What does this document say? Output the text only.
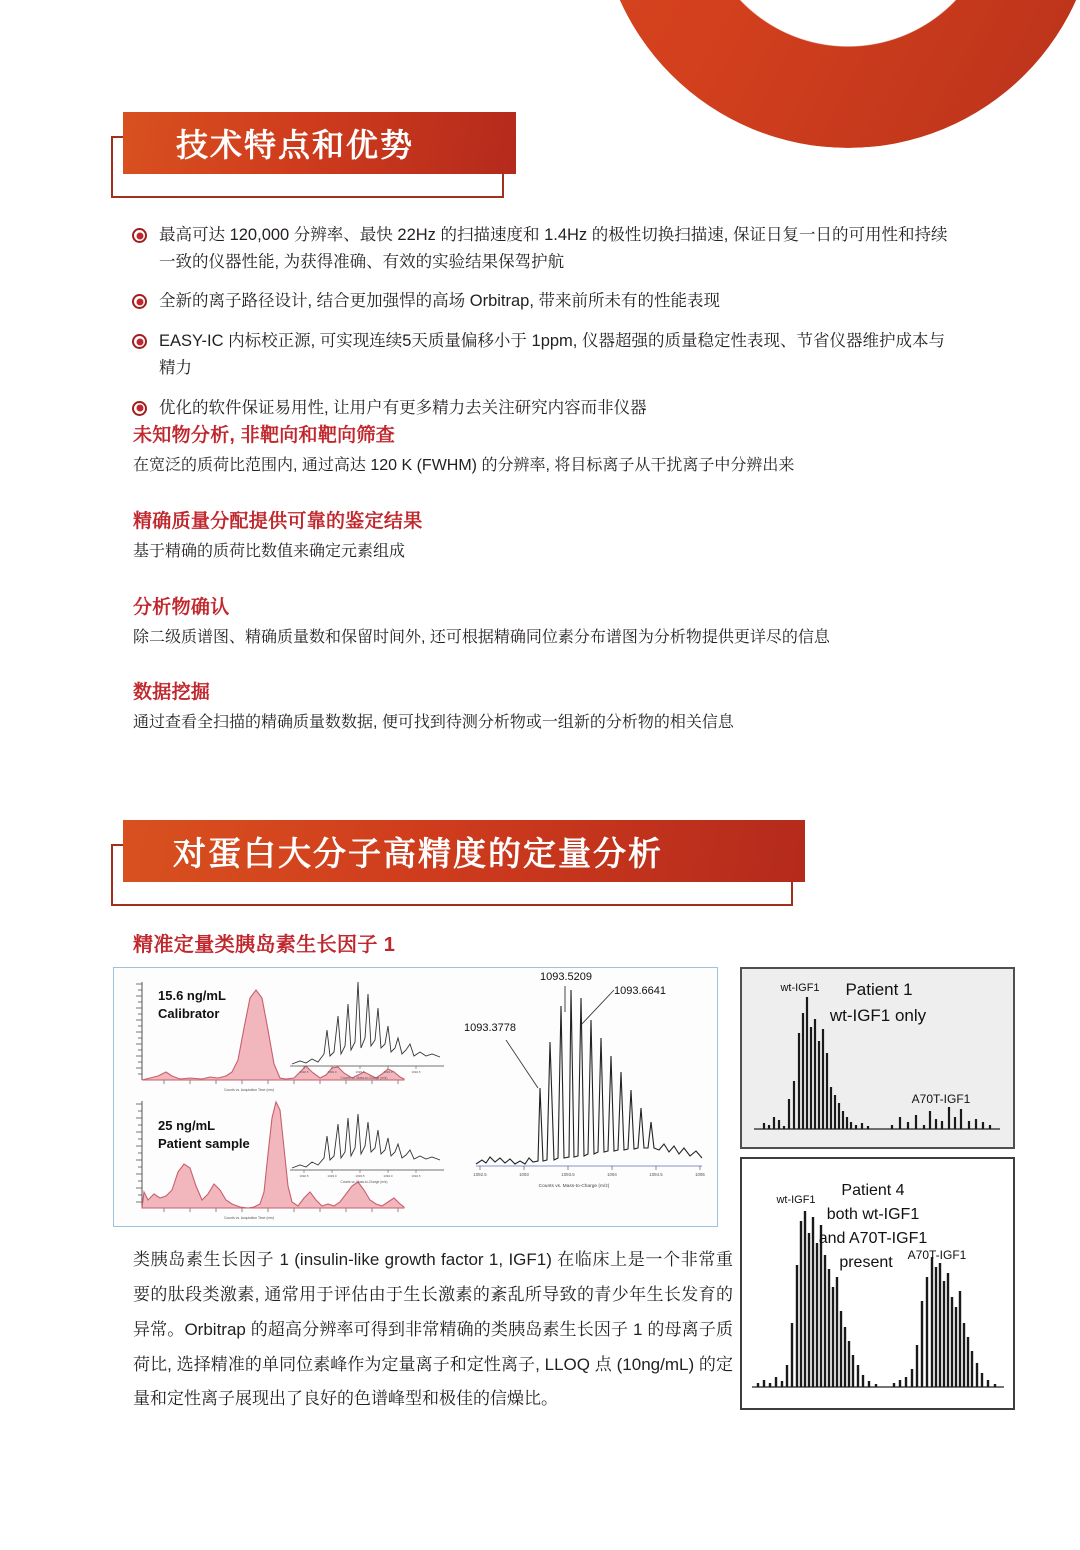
技术特点和优势
最高可达 120,000 分辨率、最快 22Hz 的扫描速度和 1.4Hz 的极性切换扫描速, 保证日复一日的可用性和持续一致的仪器性能, 为获得准确、有效的实验结果保驾护航
全新的离子路径设计, 结合更加强悍的高场 Orbitrap, 带来前所未有的性能表现
EASY-IC 内标校正源, 可实现连续5天质量偏移小于 1ppm, 仪器超强的质量稳定性表现、节省仪器维护成本与精力
优化的软件保证易用性, 让用户有更多精力去关注研究内容而非仪器
未知物分析, 非靶向和靶向筛查
在宽泛的质荷比范围内, 通过高达 120 K (FWHM) 的分辨率, 将目标离子从干扰离子中分辨出来
精确质量分配提供可靠的鉴定结果
基于精确的质荷比数值来确定元素组成
分析物确认
除二级质谱图、精确质量数和保留时间外, 还可根据精确同位素分布谱图为分析物提供更详尽的信息
数据挖掘
通过查看全扫描的精确质量数数据, 便可找到待测分析物或一组新的分析物的相关信息
对蛋白大分子高精度的定量分析
精准定量类胰岛素生长因子 1
15.6 ng/mL
Calibrator
Counts vs. Acquisition Time (min)
1092.5	1093.0	1093.5	1094.0	1094.5
Counts vs. Mass-to-Charge (m/z)
25 ng/mL
Patient sample
Counts vs. Acquisition Time (min)
1092.5	1093.0	1093.5	1094.0	1094.5
Counts vs. Mass-to-Charge (m/z)
1092.5	1093	1093.5	1094	1094.5	1095
Counts vs. Mass-to-Charge (m/z)
1093.3778
1093.5209
1093.6641	wt-IGF1 Patient 1
wt-IGF1 only
A70T-IGF1
wt-IGF1
Patient 4
both wt-IGF1
and A70T-IGF1
present A70T-IGF1
类胰岛素生长因子 1 (insulin-like growth factor 1, IGF1) 在临床上是一个非常重要的肽段类激素, 通常用于评估由于生长激素的紊乱所导致的青少年生长发育的异常。Orbitrap 的超高分辨率可得到非常精确的类胰岛素生长因子 1 的母离子质荷比, 选择精准的单同位素峰作为定量离子和定性离子, LLOQ 点 (10ng/mL) 的定量和定性离子展现出了良好的色谱峰型和极佳的信燥比。
